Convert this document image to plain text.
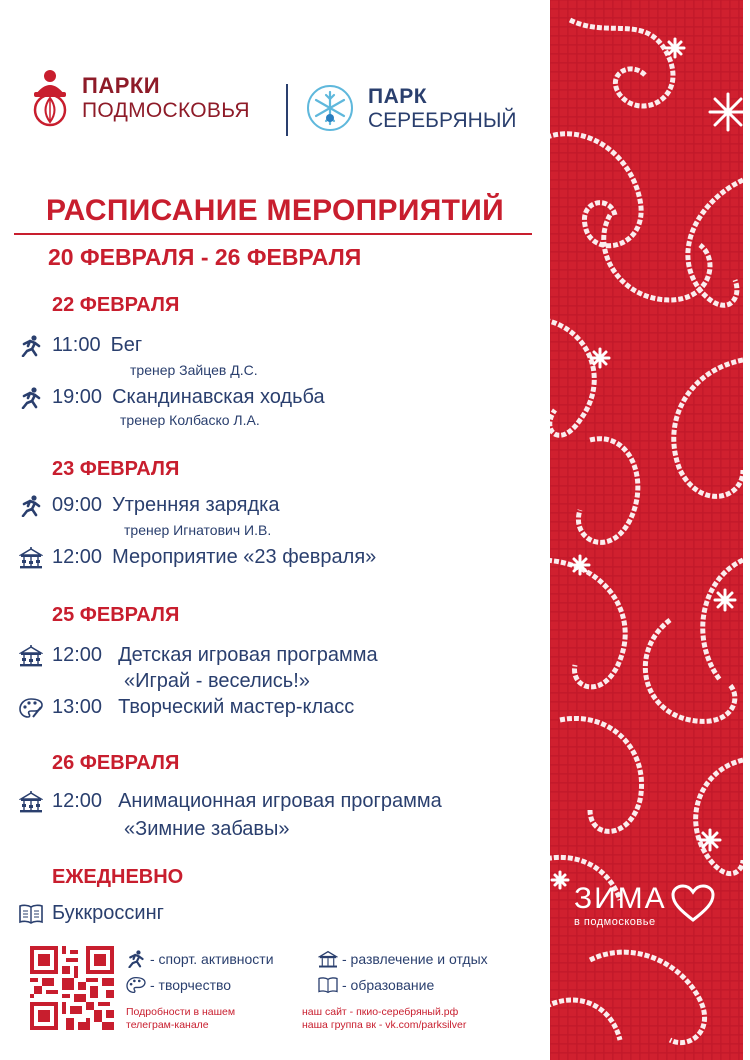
ПАРКИ
ПОДМОСКОВЬЯ
ПАРК
СЕРЕБРЯНЫЙ
РАСПИСАНИЕ МЕРОПРИЯТИЙ
20 ФЕВРАЛЯ - 26 ФЕВРАЛЯ
22 ФЕВРАЛЯ
11:00 Бег
тренер Зайцев Д.С.
19:00 Скандинавская ходьба
тренер Колбаско Л.А.
23 ФЕВРАЛЯ
09:00 Утренняя зарядка
тренер Игнатович И.В.
12:00 Мероприятие «23 февраля»
25 ФЕВРАЛЯ
12:00 Детская игровая программа
«Играй - веселись!»
13:00 Творческий мастер-класс
26 ФЕВРАЛЯ
12:00 Анимационная игровая программа
«Зимние забавы»
ЕЖЕДНЕВНО
Буккроссинг
- спорт. активности	- развлечение и отдых
- творчество	- образование
Подробности в нашем
телеграм-канале
наш сайт - пкио-серебряный.рф
наша группа вк - vk.com/parksilver
ЗИМА
в подмосковье
